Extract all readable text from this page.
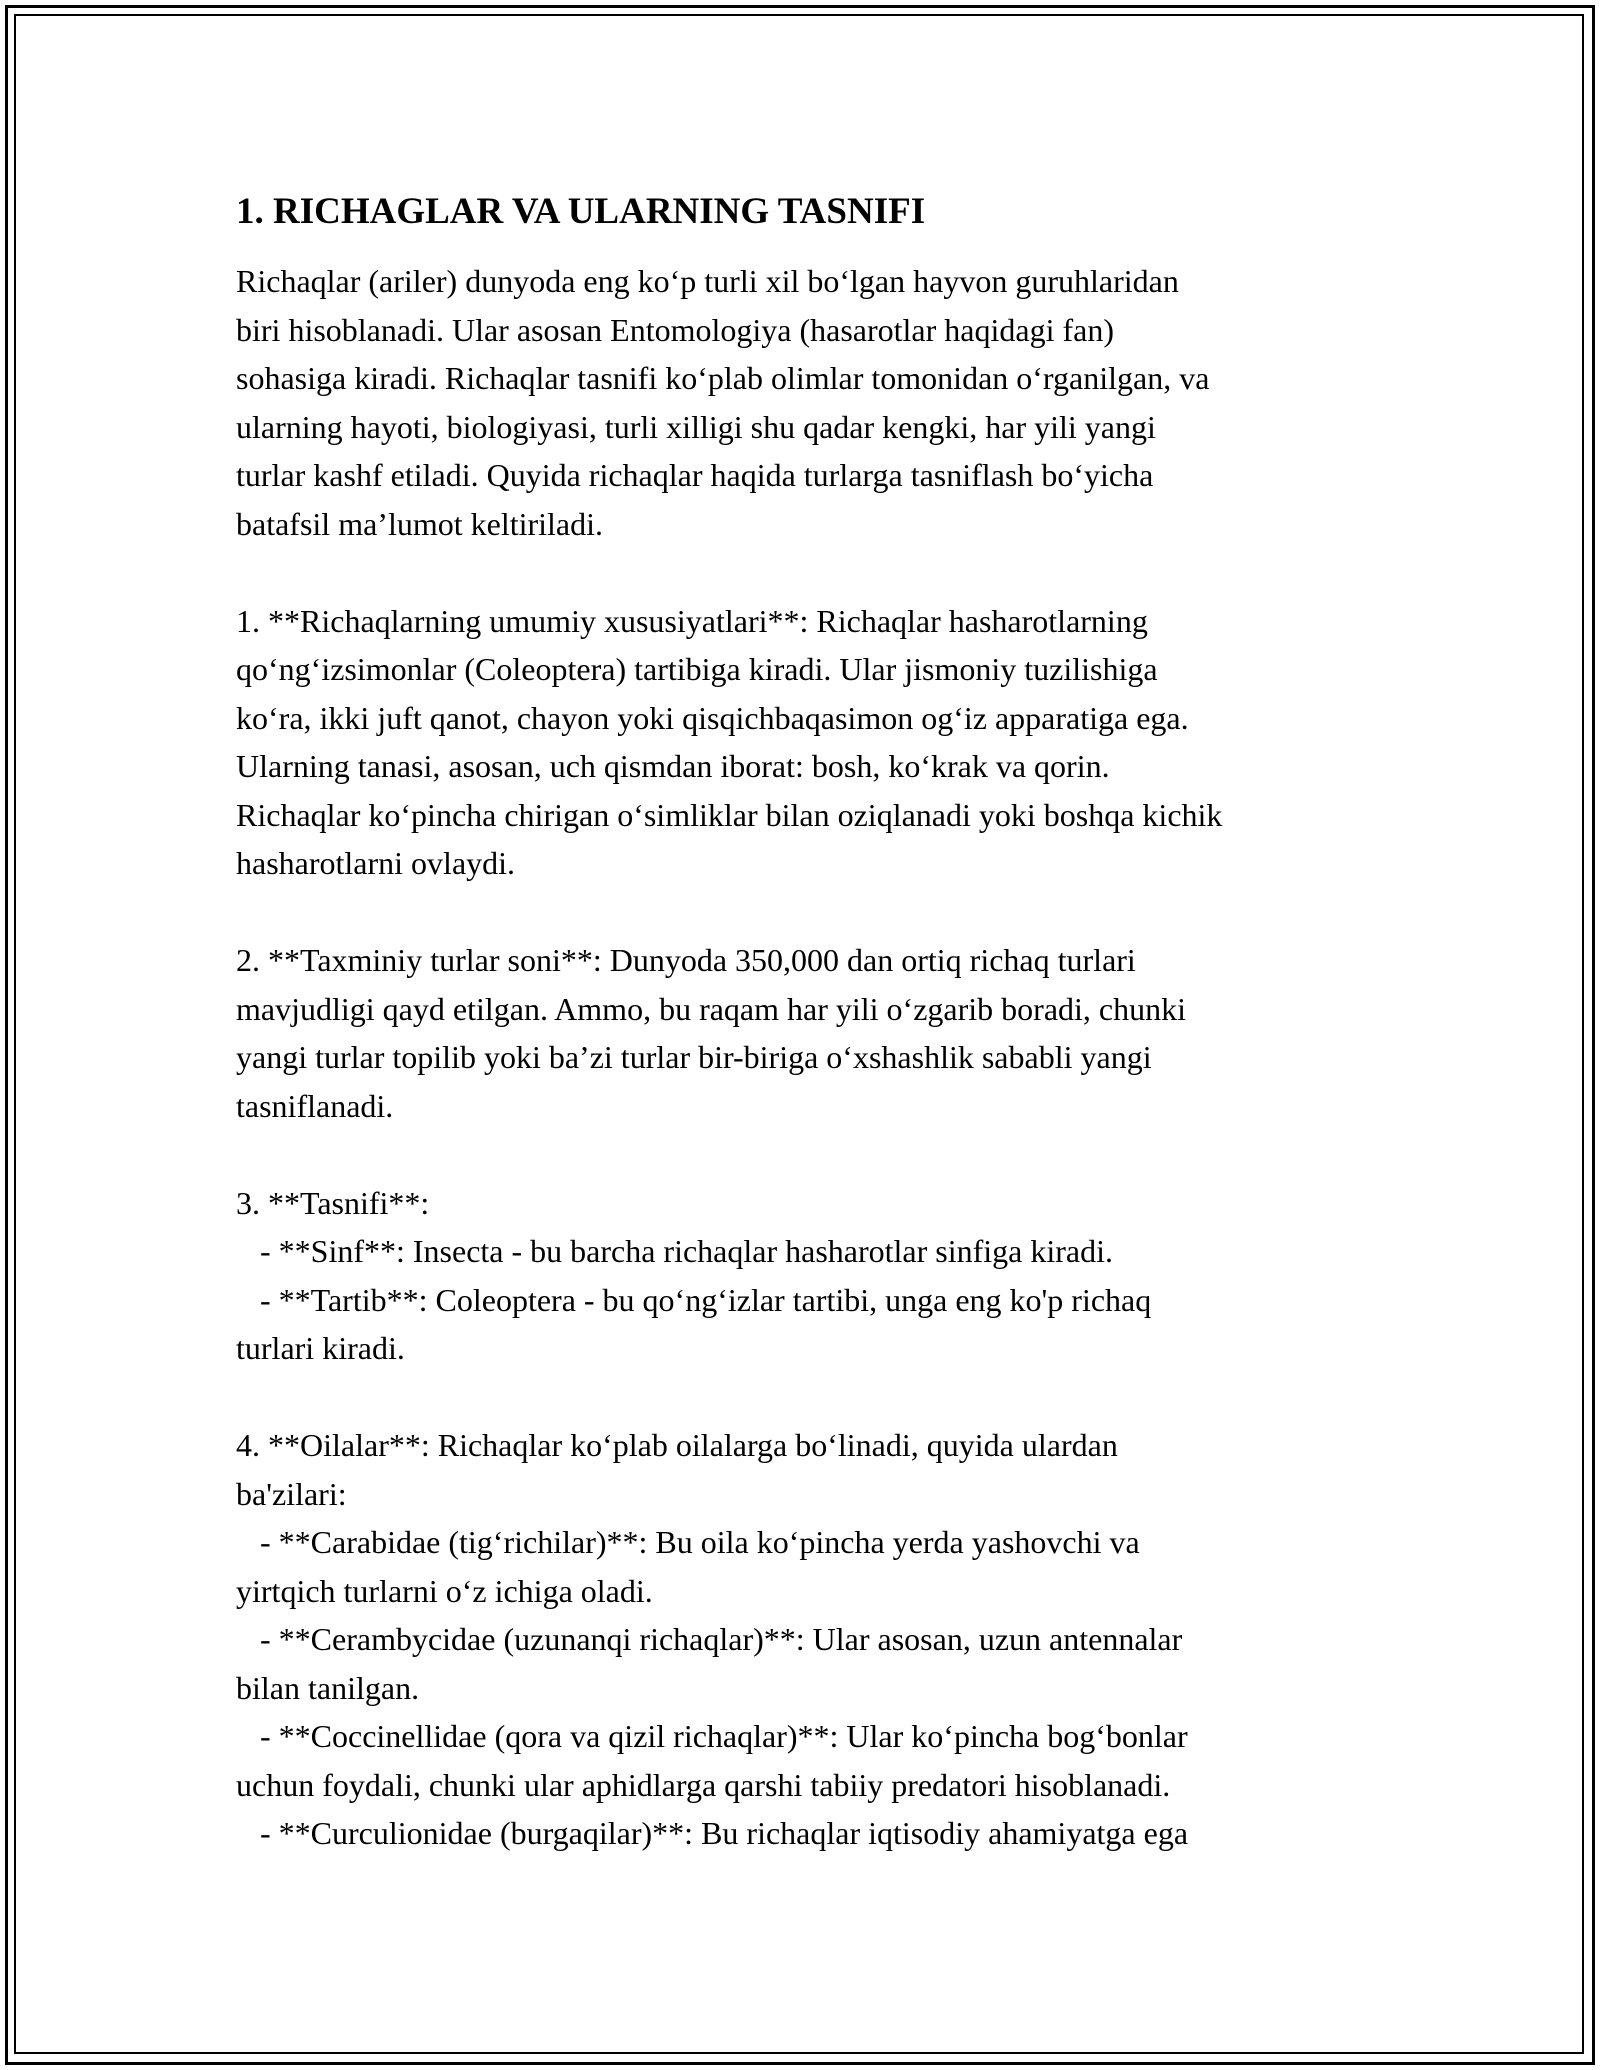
1. RICHAGLAR VA ULARNING TASNIFI
Richaqlar (ariler) dunyoda eng ko‘p turli xil bo‘lgan hayvon guruhlaridan
biri hisoblanadi. Ular asosan Entomologiya (hasarotlar haqidagi fan)
sohasiga kiradi. Richaqlar tasnifi ko‘plab olimlar tomonidan o‘rganilgan, va
ularning hayoti, biologiyasi, turli xilligi shu qadar kengki, har yili yangi
turlar kashf etiladi. Quyida richaqlar haqida turlarga tasniflash bo‘yicha
batafsil ma’lumot keltiriladi.
1. **Richaqlarning umumiy xususiyatlari**: Richaqlar hasharotlarning
qo‘ng‘izsimonlar (Coleoptera) tartibiga kiradi. Ular jismoniy tuzilishiga
ko‘ra, ikki juft qanot, chayon yoki qisqichbaqasimon og‘iz apparatiga ega.
Ularning tanasi, asosan, uch qismdan iborat: bosh, ko‘krak va qorin.
Richaqlar ko‘pincha chirigan o‘simliklar bilan oziqlanadi yoki boshqa kichik
hasharotlarni ovlaydi.
2. **Taxminiy turlar soni**: Dunyoda 350,000 dan ortiq richaq turlari
mavjudligi qayd etilgan. Ammo, bu raqam har yili o‘zgarib boradi, chunki
yangi turlar topilib yoki ba’zi turlar bir-biriga o‘xshashlik sababli yangi
tasniflanadi.
3. **Tasnifi**:
- **Sinf**: Insecta - bu barcha richaqlar hasharotlar sinfiga kiradi.
- **Tartib**: Coleoptera - bu qo‘ng‘izlar tartibi, unga eng ko'p richaq
turlari kiradi.
4. **Oilalar**: Richaqlar ko‘plab oilalarga bo‘linadi, quyida ulardan
ba'zilari:
- **Carabidae (tig‘richilar)**: Bu oila ko‘pincha yerda yashovchi va
yirtqich turlarni o‘z ichiga oladi.
- **Cerambycidae (uzunanqi richaqlar)**: Ular asosan, uzun antennalar
bilan tanilgan.
- **Coccinellidae (qora va qizil richaqlar)**: Ular ko‘pincha bog‘bonlar
uchun foydali, chunki ular aphidlarga qarshi tabiiy predatori hisoblanadi.
- **Curculionidae (burgaqilar)**: Bu richaqlar iqtisodiy ahamiyatga ega
